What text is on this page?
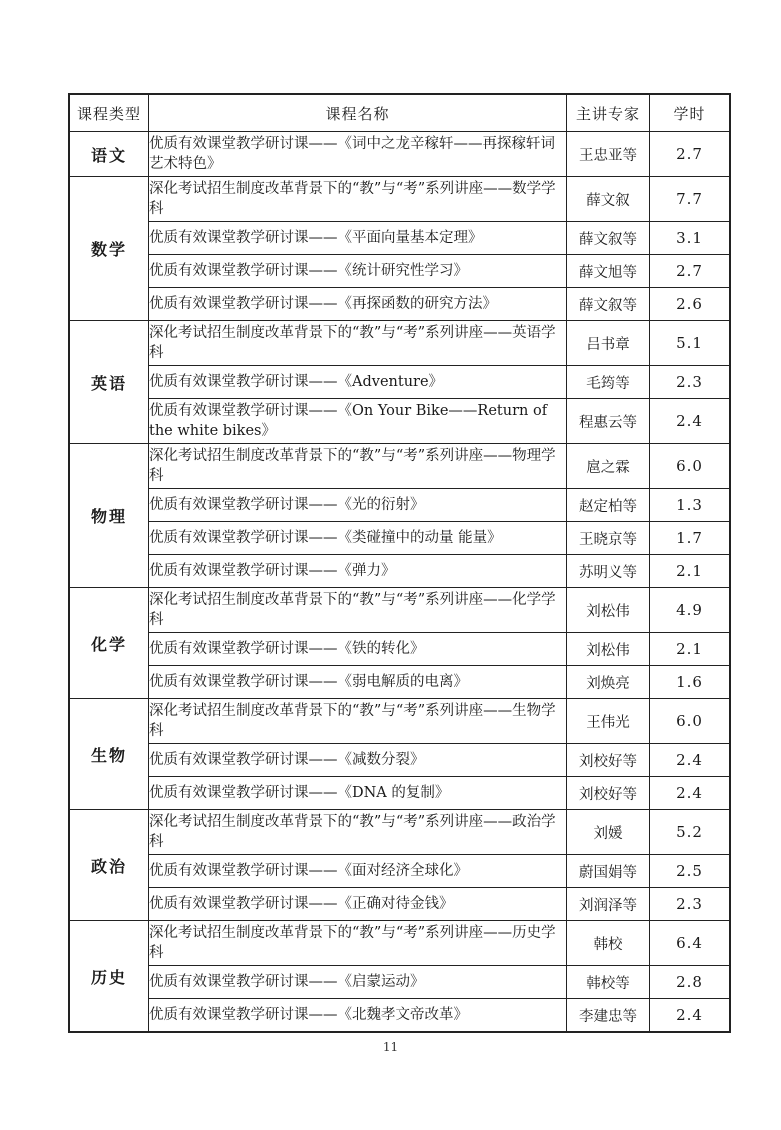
课程类型	课程名称	主讲专家	学时
语文	优质有效课堂教学研讨课——《词中之龙辛稼轩——再探稼轩词艺术特色》	王忠亚等	2.7
数学	深化考试招生制度改革背景下的“教”与“考”系列讲座——数学学科	薛文叙	7.7
	优质有效课堂教学研讨课——《平面向量基本定理》	薛文叙等	3.1
	优质有效课堂教学研讨课——《统计研究性学习》	薛文旭等	2.7
	优质有效课堂教学研讨课——《再探函数的研究方法》	薛文叙等	2.6
英语	深化考试招生制度改革背景下的“教”与“考”系列讲座——英语学科	吕书章	5.1
	优质有效课堂教学研讨课——《Adventure》	毛筠等	2.3
	优质有效课堂教学研讨课——《On Your Bike——Return of the white bikes》	程惠云等	2.4
物理	深化考试招生制度改革背景下的“教”与“考”系列讲座——物理学科	扈之霖	6.0
	优质有效课堂教学研讨课——《光的衍射》	赵定柏等	1.3
	优质有效课堂教学研讨课——《类碰撞中的动量 能量》	王晓京等	1.7
	优质有效课堂教学研讨课——《弹力》	苏明义等	2.1
化学	深化考试招生制度改革背景下的“教”与“考”系列讲座——化学学科	刘松伟	4.9
	优质有效课堂教学研讨课——《铁的转化》	刘松伟	2.1
	优质有效课堂教学研讨课——《弱电解质的电离》	刘焕亮	1.6
生物	深化考试招生制度改革背景下的“教”与“考”系列讲座——生物学科	王伟光	6.0
	优质有效课堂教学研讨课——《减数分裂》	刘校好等	2.4
	优质有效课堂教学研讨课——《DNA 的复制》	刘校好等	2.4
政治	深化考试招生制度改革背景下的“教”与“考”系列讲座——政治学科	刘媛	5.2
	优质有效课堂教学研讨课——《面对经济全球化》	蔚国娟等	2.5
	优质有效课堂教学研讨课——《正确对待金钱》	刘润泽等	2.3
历史	深化考试招生制度改革背景下的“教”与“考”系列讲座——历史学科	韩校	6.4
	优质有效课堂教学研讨课——《启蒙运动》	韩校等	2.8
	优质有效课堂教学研讨课——《北魏孝文帝改革》	李建忠等	2.4
11
